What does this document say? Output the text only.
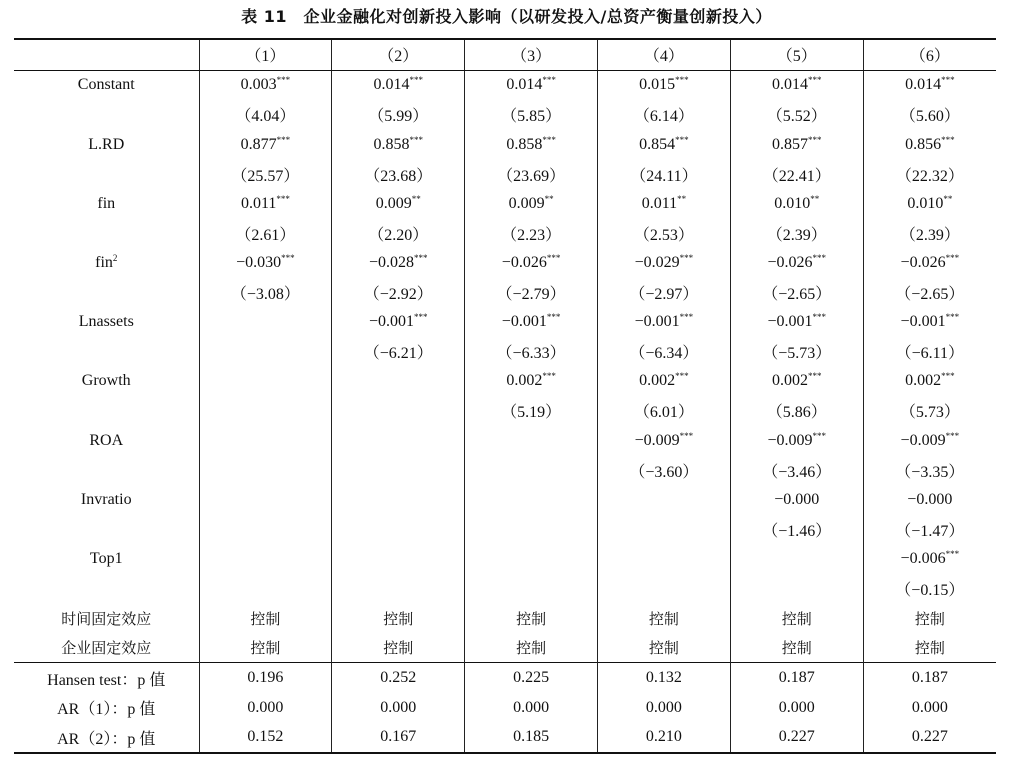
表 11　企业金融化对创新投入影响（以研发投入/总资产衡量创新投入）
	（1）	（2）	（3）	（4）	（5）	（6）
Constant	0.003***	0.014***	0.014***	0.015***	0.014***	0.014***
	（4.04）	（5.99）	（5.85）	（6.14）	（5.52）	（5.60）
L.RD	0.877***	0.858***	0.858***	0.854***	0.857***	0.856***
	（25.57）	（23.68）	（23.69）	（24.11）	（22.41）	（22.32）
fin	0.011***	0.009**	0.009**	0.011**	0.010**	0.010**
	（2.61）	（2.20）	（2.23）	（2.53）	（2.39）	（2.39）
fin$^2$	−0.030***	−0.028***	−0.026***	−0.029***	−0.026***	−0.026***
	（−3.08）	（−2.92）	（−2.79）	（−2.97）	（−2.65）	（−2.65）
Lnassets		−0.001***	−0.001***	−0.001***	−0.001***	−0.001***
		（−6.21）	（−6.33）	（−6.34）	（−5.73）	（−6.11）
Growth			0.002***	0.002***	0.002***	0.002***
			（5.19）	（6.01）	（5.86）	（5.73）
ROA				−0.009***	−0.009***	−0.009***
				（−3.60）	（−3.46）	（−3.35）
Invratio					−0.000	−0.000
					（−1.46）	（−1.47）
Top1						−0.006***
						（−0.15）
时间固定效应	控制	控制	控制	控制	控制	控制
企业固定效应	控制	控制	控制	控制	控制	控制
Hansen test：p 值	0.196	0.252	0.225	0.132	0.187	0.187
AR（1）：p 值	0.000	0.000	0.000	0.000	0.000	0.000
AR（2）：p 值	0.152	0.167	0.185	0.210	0.227	0.227
